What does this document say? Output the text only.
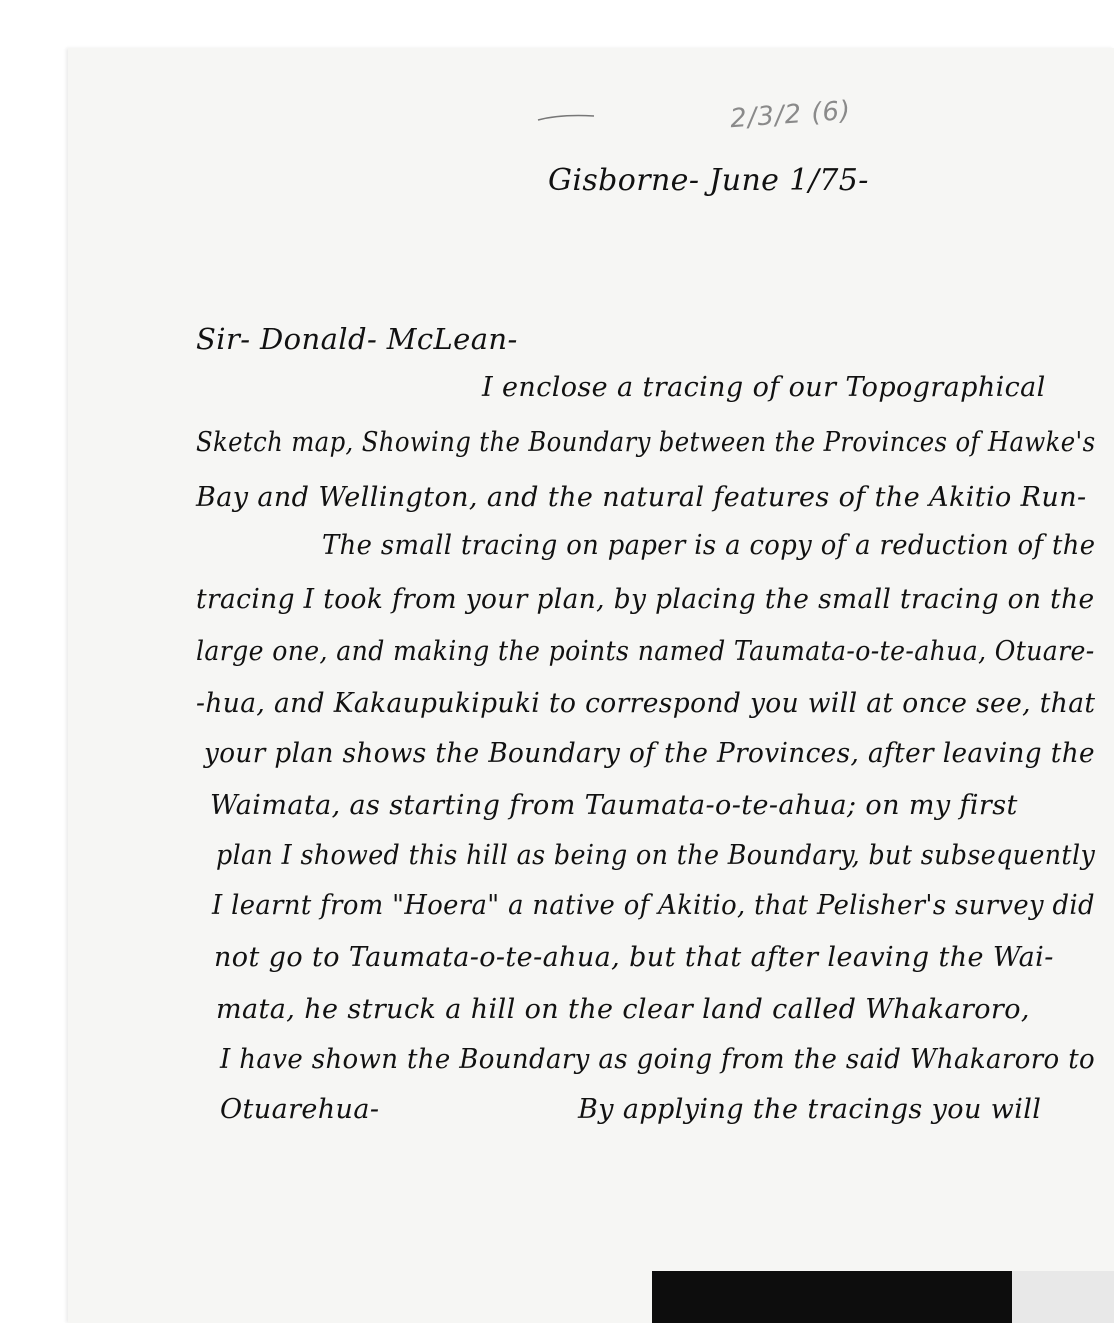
2/3/2 (6)
Gisborne- June 1/75-
Sir- Donald- McLean-
I enclose a tracing of our Topographical
Sketch map, Showing the Boundary between the Provinces of Hawke's
Bay and Wellington, and the natural features of the Akitio Run-
The small tracing on paper is a copy of a reduction of the
tracing I took from your plan, by placing the small tracing on the
large one, and making the points named Taumata-o-te-ahua, Otuare-
-hua, and Kakaupukipuki to correspond you will at once see, that
your plan shows the Boundary of the Provinces, after leaving the
Waimata, as starting from Taumata-o-te-ahua; on my first
plan I showed this hill as being on the Boundary, but subsequently
I learnt from "Hoera" a native of Akitio, that Pelisher's survey did
not go to Taumata-o-te-ahua, but that after leaving the Wai-
mata, he struck a hill on the clear land called Whakaroro,
I have shown the Boundary as going from the said Whakaroro to
Otuarehua-	By applying the tracings you will
